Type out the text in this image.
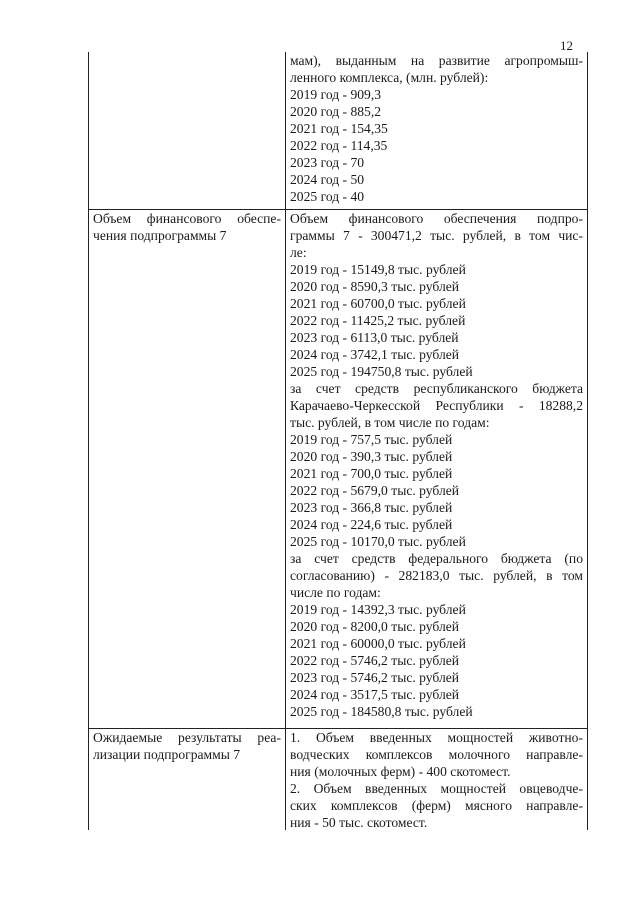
12
мам), выданным на развитие агропромыш-
ленного комплекса, (млн. рублей):
2019 год - 909,3
2020 год - 885,2
2021 год - 154,35
2022 год - 114,35
2023 год - 70
2024 год - 50
2025 год - 40
Объем финансового обеспе-
чения подпрограммы 7
Объем финансового обеспечения подпро-
граммы 7 - 300471,2 тыс. рублей, в том чис-
ле:
2019 год - 15149,8 тыс. рублей
2020 год - 8590,3 тыс. рублей
2021 год - 60700,0 тыс. рублей
2022 год - 11425,2 тыс. рублей
2023 год - 6113,0 тыс. рублей
2024 год - 3742,1 тыс. рублей
2025 год - 194750,8 тыс. рублей
за счет средств республиканского бюджета
Карачаево-Черкесской Республики - 18288,2
тыс. рублей, в том числе по годам:
2019 год - 757,5 тыс. рублей
2020 год - 390,3 тыс. рублей
2021 год - 700,0 тыс. рублей
2022 год - 5679,0 тыс. рублей
2023 год - 366,8 тыс. рублей
2024 год - 224,6 тыс. рублей
2025 год - 10170,0 тыс. рублей
за счет средств федерального бюджета (по
согласованию) - 282183,0 тыс. рублей, в том
числе по годам:
2019 год - 14392,3 тыс. рублей
2020 год - 8200,0 тыс. рублей
2021 год - 60000,0 тыс. рублей
2022 год - 5746,2 тыс. рублей
2023 год - 5746,2 тыс. рублей
2024 год - 3517,5 тыс. рублей
2025 год - 184580,8 тыс. рублей
Ожидаемые результаты реа-
лизации подпрограммы 7
1. Объем введенных мощностей животно-
водческих комплексов молочного направле-
ния (молочных ферм) - 400 скотомест.
2. Объем введенных мощностей овцеводче-
ских комплексов (ферм) мясного направле-
ния - 50 тыс. скотомест.
